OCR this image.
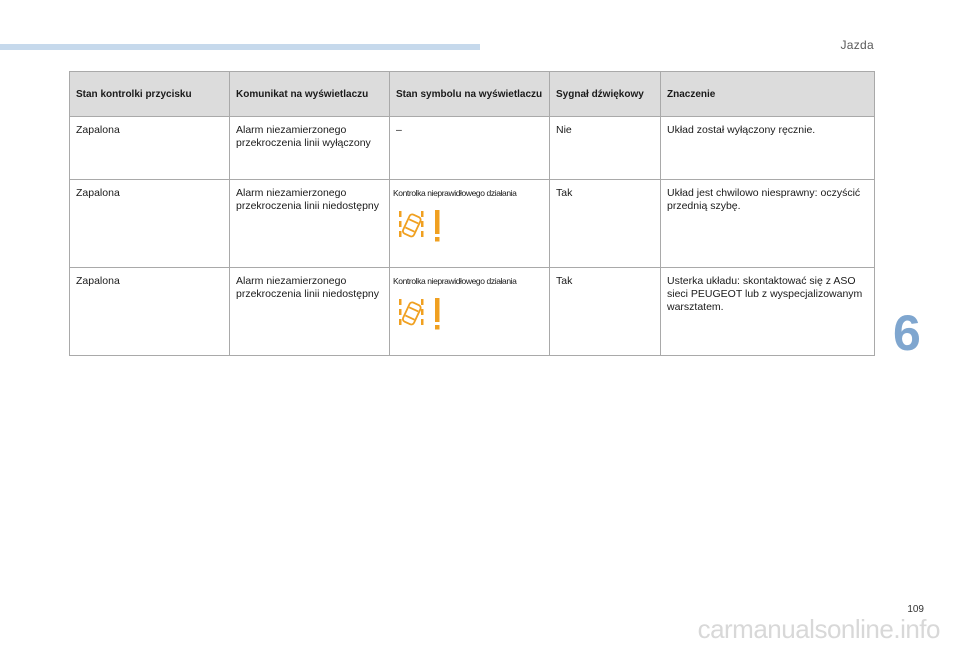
Jazda
Stan kontrolki przycisku	Komunikat na wyświetlaczu	Stan symbolu na wyświetlaczu	Sygnał dźwiękowy	Znaczenie
Zapalona	Alarm niezamierzonego przekroczenia linii wyłączony	–	Nie	Układ został wyłączony ręcznie.
Zapalona	Alarm niezamierzonego przekroczenia linii niedostępny	Kontrolka nieprawidłowego działania	Tak	Układ jest chwilowo niesprawny: oczyścić przednią szybę.
Zapalona	Alarm niezamierzonego przekroczenia linii niedostępny	Kontrolka nieprawidłowego działania	Tak	Usterka układu: skontaktować się z ASO sieci PEUGEOT lub z wyspecjalizowanym warsztatem.	6
109
carmanualsonline.info
